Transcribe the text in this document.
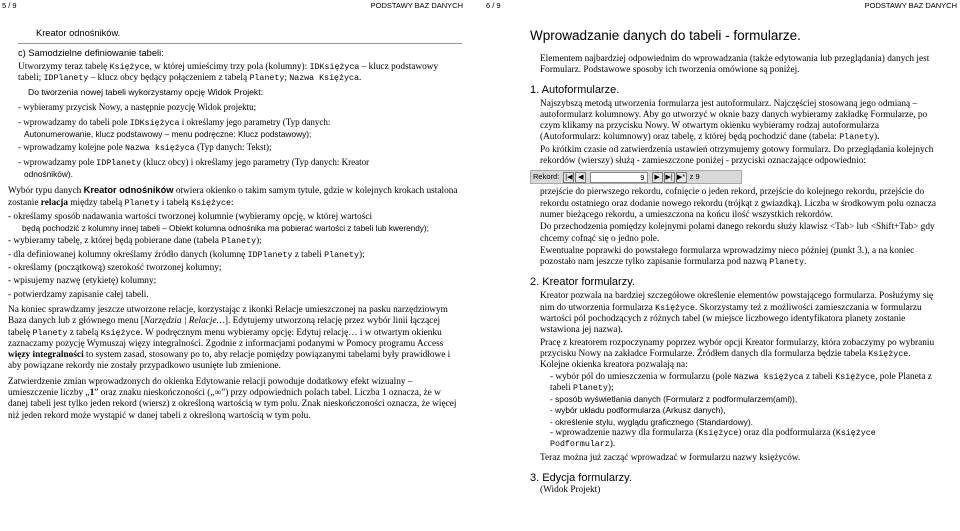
5 / 9	PODSTAWY BAZ DANYCH

Kreator odnośników.

c) Samodzielne definiowanie tabeli:

Utworzymy teraz tabelę Księżyce, w której umieścimy trzy pola (kolumny): IDKsiężyca – klucz podstawowy tabeli; IDPlanety – klucz obcy będący połączeniem z tabelą Planety; Nazwa Księżyca.

Do tworzenia nowej tabeli wykorzystamy opcję Widok Projekt:

- wybieramy przycisk Nowy, a następnie pozycję Widok projektu;

- wprowadzamy do tabeli pole IDKsiężyca i określamy jego parametry (Typ danych:

Autonumerowanie, klucz podstawowy – menu podręczne: Klucz podstawowy);

- wprowadzamy kolejne pole Nazwa księżyca (Typ danych: Tekst);

- wprowadzamy pole IDPlanety (klucz obcy) i określamy jego parametry (Typ danych: Kreator

odnośników).

Wybór typu danych Kreator odnośników otwiera okienko o takim samym tytule, gdzie w kolejnych krokach ustalona zostanie relacja między tabelą Planety i tabelą Księżyce:

- określamy sposób nadawania wartości tworzonej kolumnie (wybieramy opcję, w której wartości

będą pochodzić z kolumny innej tabeli – Obiekt kolumna odnośnika ma pobierać wartości z tabeli lub kwerendy);

- wybieramy tabelę, z której będą pobierane dane (tabela Planety);

- dla definiowanej kolumny określamy źródło danych (kolumnę IDPlanety z tabeli Planety);

- określamy (początkową) szerokość tworzonej kolumny;

- wpisujemy nazwę (etykietę) kolumny;

- potwierdzamy zapisanie całej tabeli.

Na koniec sprawdzamy jeszcze utworzone relacje, korzystając z ikonki Relacje umieszczonej na pasku narzędziowym Baza danych lub z głównego menu [Narzędzia | Relacje…]. Edytujemy utworzoną relację przez wybór linii łączącej tabelę Planety z tabelą Księżyce. W podręcznym menu wybieramy opcję: Edytuj relację… i w otwartym okienku zaznaczamy pozycję Wymuszaj więzy integralności. Zgodnie z informacjami podanymi w Pomocy programu Access więzy integralności to system zasad, stosowany po to, aby relacje pomiędzy powiązanymi tabelami były prawidłowe i aby powiązane rekordy nie zostały przypadkowo usunięte lub zmienione.

Zatwierdzenie zmian wprowadzonych do okienka Edytowanie relacji powoduje dodatkowy efekt wizualny – umieszczenie liczby „1” oraz znaku nieskończoności („∞”) przy odpowiednich polach tabel. Liczba 1 oznacza, że w danej tabeli jest tylko jeden rekord (wiersz) z określoną wartością w tym polu. Znak nieskończoności oznacza, że więcej niż jeden rekord może wystąpić w danej tabeli z określoną wartością w tym polu.

6 / 9	PODSTAWY BAZ DANYCH

Wprowadzanie danych do tabeli - formularze.

Elementem najbardziej odpowiednim do wprowadzania (także edytowania lub przeglądania) danych jest Formularz. Podstawowe sposoby ich tworzenia omówione są poniżej.

1. Autoformularze.

Najszybszą metodą utworzenia formularza jest autoformularz. Najczęściej stosowaną jego odmianą – autoformularz kolumnowy. Aby go utworzyć w oknie bazy danych wybieramy zakładkę Formularze, po czym klikamy na przycisku Nowy. W otwartym okienku wybieramy rodzaj autoformularza (Autoformularz: kolumnowy) oraz tabelę, z której będą pochodzić dane (tabela: Planety).

Po krótkim czasie od zatwierdzenia ustawień otrzymujemy gotowy formularz. Do przeglądania kolejnych rekordów (wierszy) służą - zamieszczone poniżej - przyciski oznaczające odpowiednio:

Rekord: |◀ ◀	9 ▶ ▶| ▶* z 9

przejście do pierwszego rekordu, cofnięcie o jeden rekord, przejście do kolejnego rekordu, przejście do rekordu ostatniego oraz dodanie nowego rekordu (trójkąt z gwiazdką). Liczba w środkowym polu oznacza numer bieżącego rekordu, a umieszczona na końcu ilość wszystkich rekordów.

Do przechodzenia pomiędzy kolejnymi polami danego rekordu służy klawisz <Tab> lub <Shift+Tab> gdy chcemy cofnąć się o jedno pole.

Ewentualne poprawki do powstałego formularza wprowadzimy nieco później (punkt 3.), a na koniec pozostało nam jeszcze tylko zapisanie formularza pod nazwą Planety.

2. Kreator formularzy.

Kreator pozwala na bardziej szczegółowe określenie elementów powstającego formularza. Posłużymy się nim do utworzenia formularza Księżyce. Skorzystamy też z możliwości zamieszczania w formularzu wartości pól pochodzących z różnych tabel (w miejsce liczbowego identyfikatora planety zostanie wstawiona jej nazwa).

Pracę z kreatorem rozpoczynamy poprzez wybór opcji Kreator formularzy, która zobaczymy po wybraniu przycisku Nowy na zakładce Formularze. Źródłem danych dla formularza będzie tabela Księżyce. Kolejne okienka kreatora pozwalają na:

- wybór pól do umieszczenia w formularzu (pole Nazwa księżyca z tabeli Księżyce, pole Planeta z tabeli Planety);

- sposób wyświetlania danych (Formularz z podformularzem(ami)),

- wybór układu podformularza (Arkusz danych),

- określenie stylu, wyglądu graficznego (Standardowy).

- wprowadzenie nazwy dla formularza (Księżyce) oraz dla podformularza (Księżyce Podformularz).

Teraz można już zacząć wprowadzać w formularzu nazwy księżyców.

3. Edycja formularzy.

(Widok Projekt)
